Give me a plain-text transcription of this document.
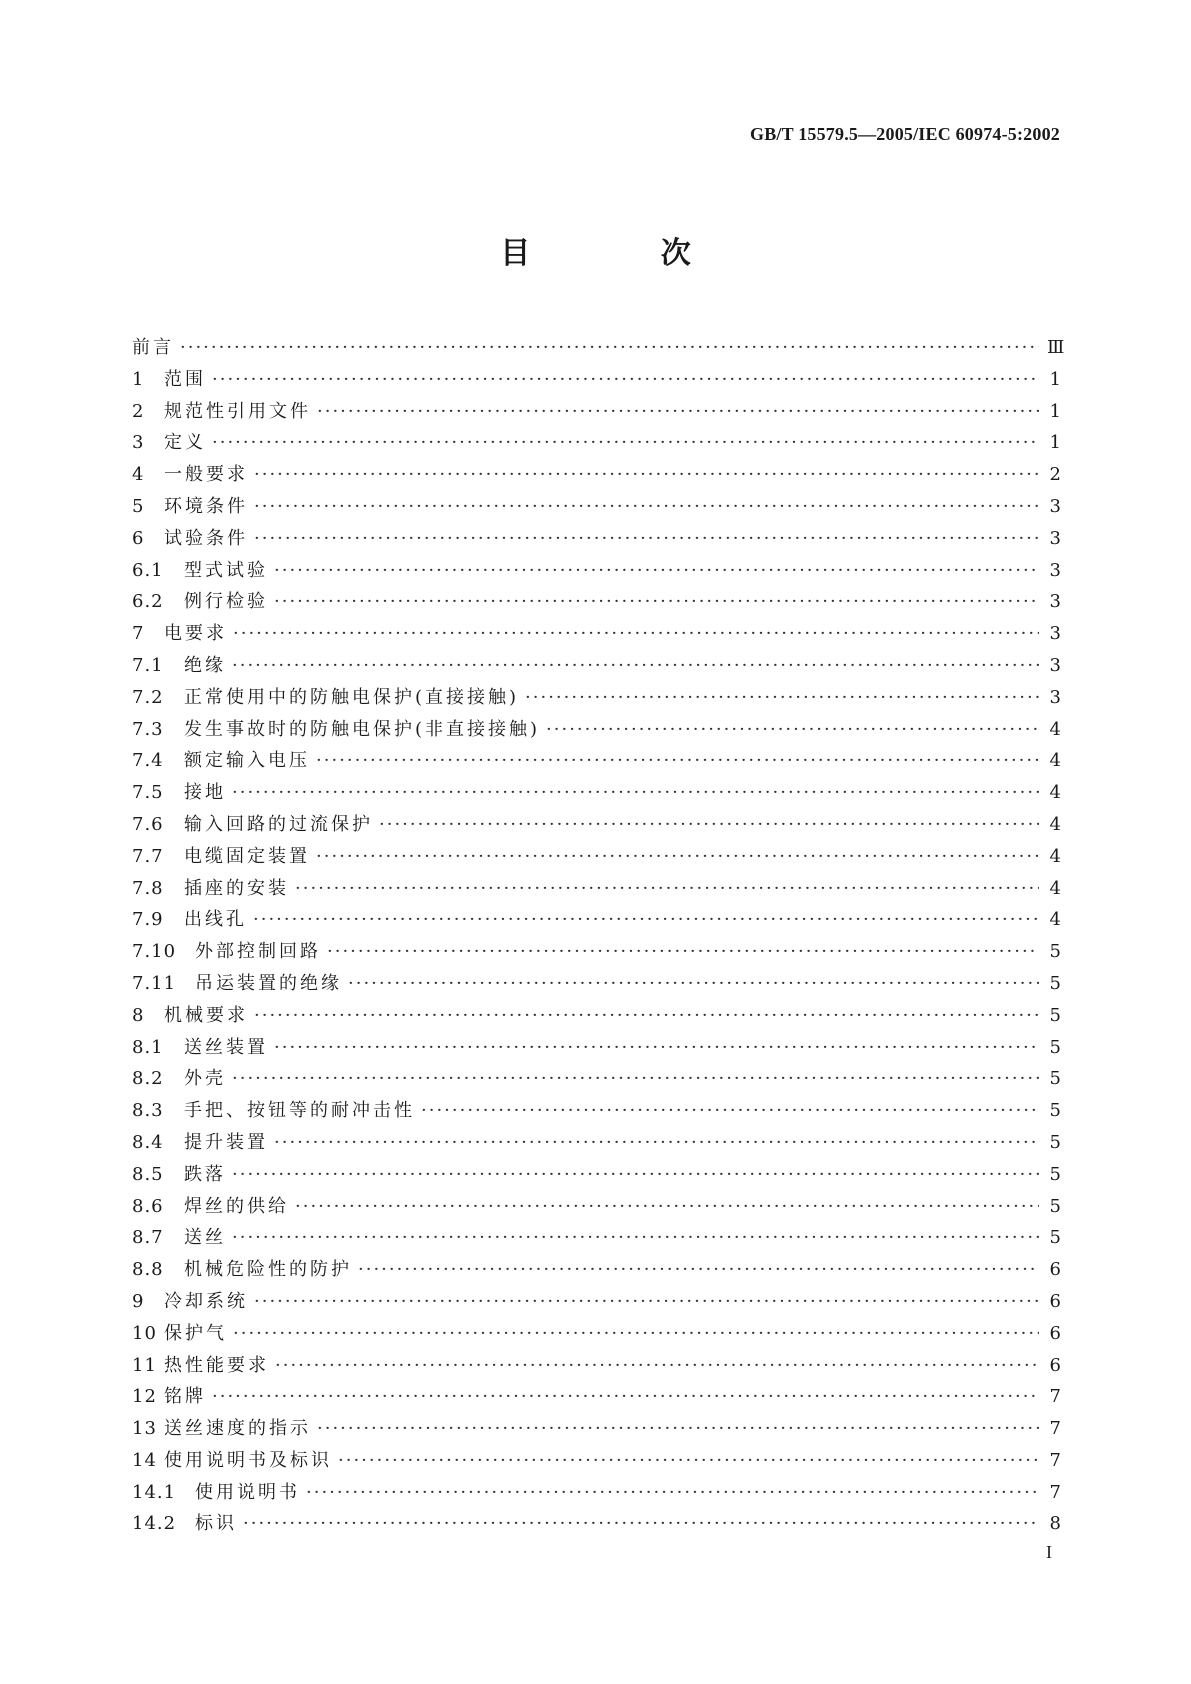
GB/T 15579.5—2005/IEC 60974-5:2002
目 次
前言 ·····	Ⅲ
1	范围 ·····	1
2	规范性引用文件 ·····	1
3	定义 ·····	1
4	一般要求 ·····	2
5	环境条件 ·····	3
6	试验条件 ·····	3
6.1	型式试验 ·····	3
6.2	例行检验 ·····	3
7	电要求 ·····	3
7.1	绝缘 ·····	3
7.2	正常使用中的防触电保护(直接接触) ·····	3
7.3	发生事故时的防触电保护(非直接接触) ·····	4
7.4	额定输入电压 ·····	4
7.5	接地 ·····	4
7.6	输入回路的过流保护 ·····	4
7.7	电缆固定装置 ·····	4
7.8	插座的安装 ·····	4
7.9	出线孔 ·····	4
7.10	外部控制回路 ·····	5
7.11	吊运装置的绝缘 ·····	5
8	机械要求 ·····	5
8.1	送丝装置 ·····	5
8.2	外壳 ·····	5
8.3	手把、按钮等的耐冲击性 ·····	5
8.4	提升装置 ·····	5
8.5	跌落 ·····	5
8.6	焊丝的供给 ·····	5
8.7	送丝 ·····	5
8.8	机械危险性的防护 ·····	6
9	冷却系统 ·····	6
10 保护气 ·····	6
11 热性能要求 ·····	6
12 铭牌 ·····	7
13 送丝速度的指示 ·····	7
14 使用说明书及标识 ·····	7
14.1	使用说明书 ·····	7
14.2	标识 ·····	8
I
